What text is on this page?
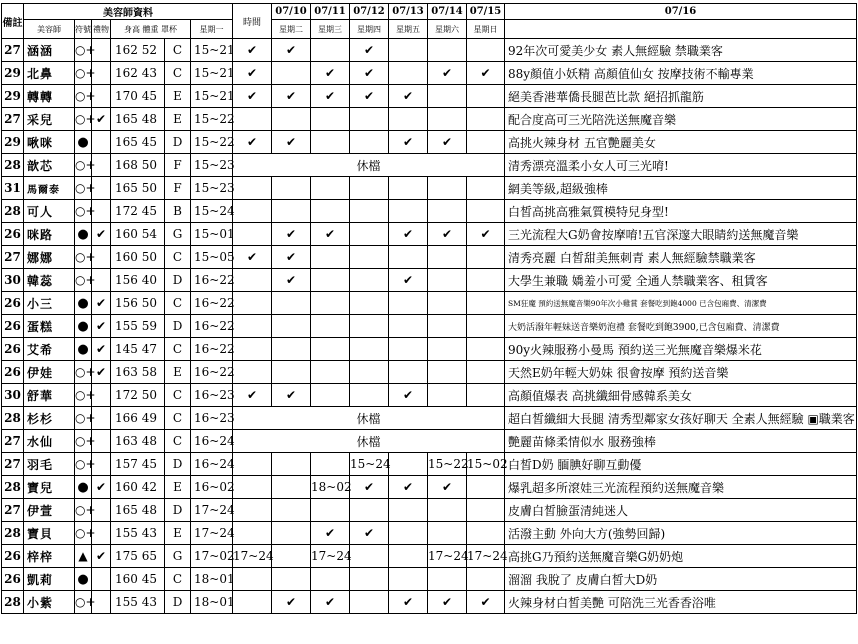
備註	美容師資料						時間	07/10	07/11	07/12	07/13	07/14	07/15	07/16	
	美容師	符號	禮物	身高 體重 罩杯		星期一		星期二	星期三	星期四	星期五	星期六	星期日		
27	涵涵	○+		162 52	C	15~21	✔	✔		✔				92年次可愛美少女 素人無經驗 禁職業客	
29	北鼻	○+		162 43	C	15~21	✔		✔	✔		✔	✔	88y顏值小妖精 高顏值仙女 按摩技術不輸專業	
29	轉轉	○+		170 45	E	15~21	✔	✔	✔	✔	✔			絕美香港華僑長腿芭比款 絕招抓龍筋	
27	采兒	○+	✔	165 48	E	15~22								配合度高可三光陪洗送無魔音樂	
29	啾咪	●		165 45	D	15~22	✔	✔			✔	✔		高挑火辣身材 五官艷麗美女	
28	歆芯	○+		168 50	F	15~23	休檔							清秀漂亮溫柔小女人可三光唷!	
31	馬爾泰	○+		165 50	F	15~23								網美等級,超級強棒	
28	可人	○+		172 45	B	15~24								白皙高挑高雅氣質模特兒身型!	
26	咪路	●	✔	160 54	G	15~01		✔	✔		✔	✔	✔	三光流程大G奶會按摩唷!五官深邃大眼睛約送無魔音樂	
27	娜娜	○+		160 50	C	15~05	✔	✔						清秀亮麗 白皙甜美無刺青 素人無經驗禁職業客	
30	韓蕊	○+		156 40	D	16~22		✔			✔			大學生兼職 嬌羞小可愛 全通人禁職業客、租賃客	
26	小三	●	✔	156 50	C	16~22								SM狂魔 預約送無魔音樂90年次小雞賞 套餐吃到飽4000 已含包廂費、清潔費	
26	蛋糕	●	✔	155 59	D	16~22								大奶活潑年輕妹送音樂奶泡禮 套餐吃到飽3900,已含包廂費、清潔費	
26	艾希	●	✔	145 47	C	16~22								90y火辣服務小曼馬 預約送三光無魔音樂爆米花	
26	伊娃	○+	✔	163 58	E	16~22								天然E奶年輕大奶妹 很會按摩 預約送音樂	
30	舒華	○+		172 50	C	16~23	✔	✔			✔			高顏值爆表 高挑纖細骨感韓系美女	
28	杉杉	○+		166 49	C	16~23	休檔							超白皙纖細大長腿 清秀型鄰家女孩好聊天 全素人無經驗 ▣職業客	
27	水仙	○+		163 48	C	16~24	休檔							艷麗苗條柔情似水 服務強棒	
27	羽毛	○+		157 45	D	16~24				15~24		15~22	15~02	白皙D奶 腼腆好聊互動優	
28	寶兒	●	✔	160 42	E	16~02			18~02	✔	✔	✔		爆乳超多所滾娃三光流程預約送無魔音樂	
27	伊萱	○+		165 48	D	17~24								皮膚白皙臉蛋清純迷人	
28	寶貝	○+		155 43	E	17~24			✔	✔				活潑主動 外向大方(強勢回歸)	
26	梓梓	▲	✔	175 65	G	17~02	17~24		17~24			17~24	17~24	高挑G乃預約送無魔音樂G奶奶炮	
26	凱莉	●		160 45	C	18~01								溜溜 我脫了 皮膚白皙大D奶	
28	小紫	○+		155 43	D	18~01		✔	✔		✔	✔	✔	火辣身材白皙美艷 可陪洗三光香香浴唯	
